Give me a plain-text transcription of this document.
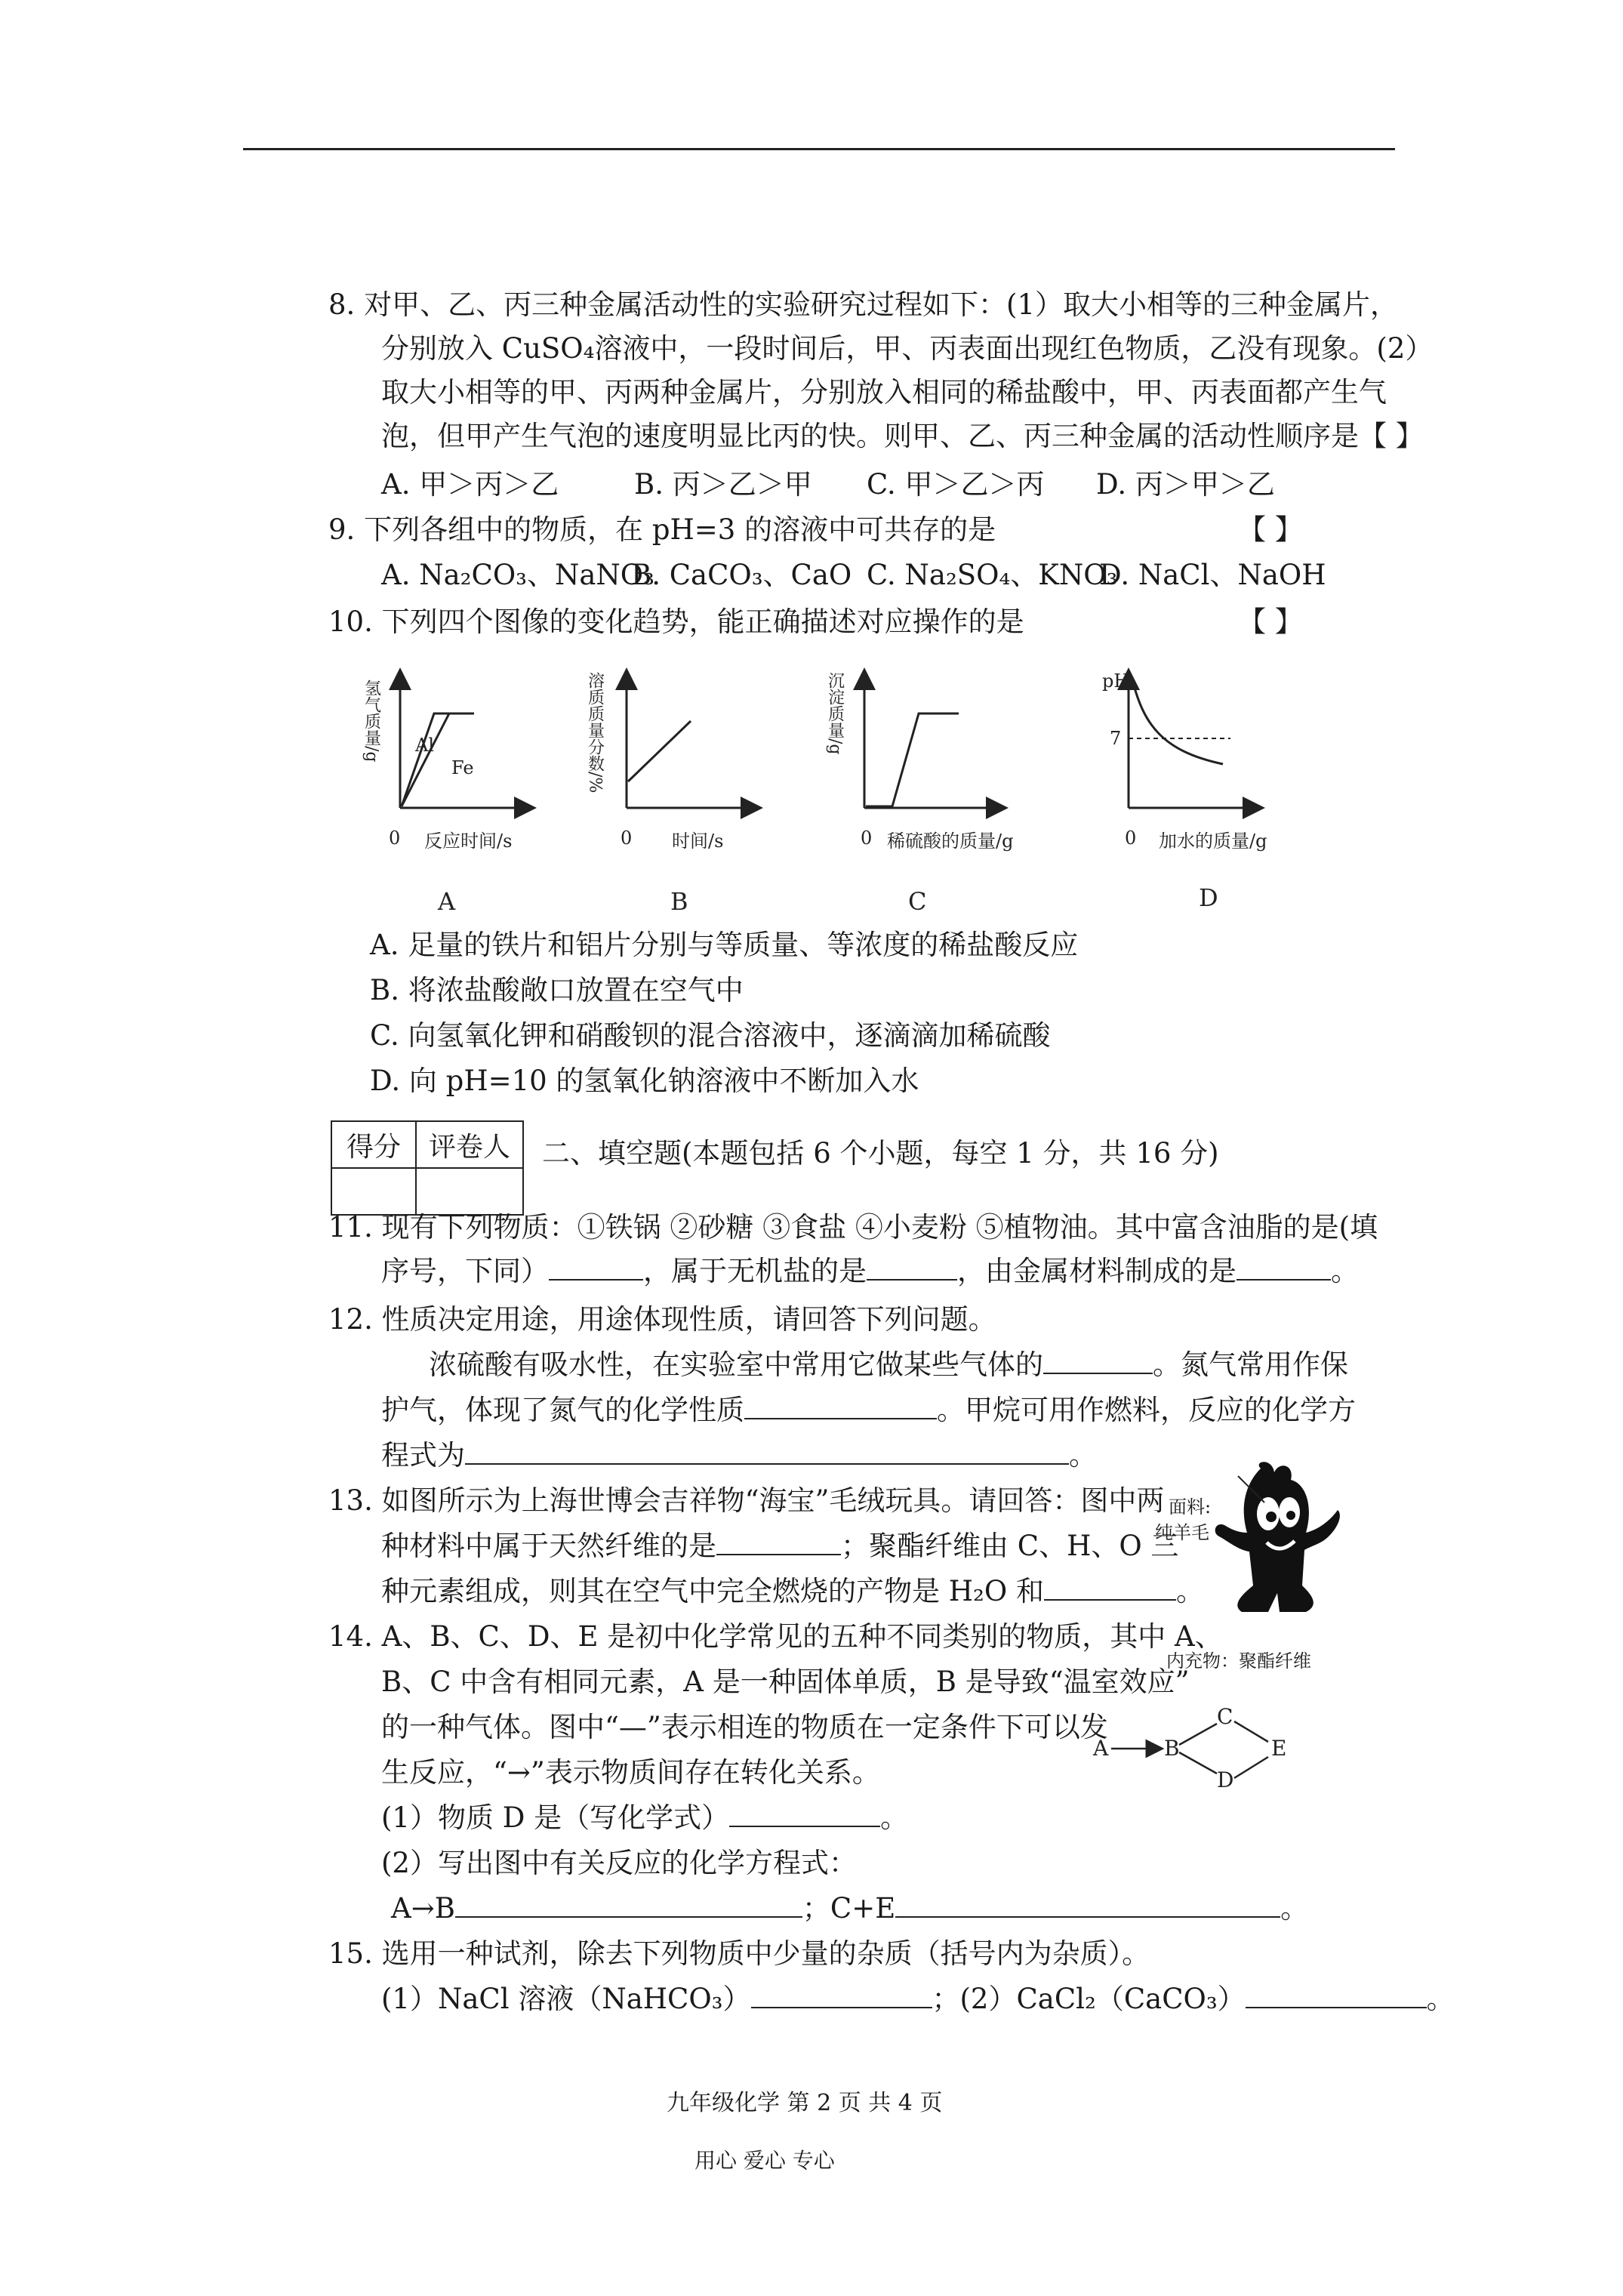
8. 对甲、乙、丙三种金属活动性的实验研究过程如下：(1）取大小相等的三种金属片，
分别放入 CuSO₄溶液中，一段时间后，甲、丙表面出现红色物质，乙没有现象。(2）
取大小相等的甲、丙两种金属片，分别放入相同的稀盐酸中，甲、丙表面都产生气
泡，但甲产生气泡的速度明显比丙的快。则甲、乙、丙三种金属的活动性顺序是【 】
A. 甲＞丙＞乙	B. 丙＞乙＞甲 C. 甲＞乙＞丙 D. 丙＞甲＞乙
9. 下列各组中的物质，在 pH=3 的溶液中可共存的是	【 】
A. Na₂CO₃、NaNO₃
B. CaCO₃、CaO C. Na₂SO₄、KNO₃
D. NaCl、NaOH
10. 下列四个图像的变化趋势，能正确描述对应操作的是	【 】
Al
Fe
氢气质量/g
0 反应时间/s
A
溶质质量分数/%
0 时间/s
B
沉淀质量/g
0 稀硫酸的质量/g
C
pH
7
0 加水的质量/g
D
A. 足量的铁片和铝片分别与等质量、等浓度的稀盐酸反应
B. 将浓盐酸敞口放置在空气中
C. 向氢氧化钾和硝酸钡的混合溶液中，逐滴滴加稀硫酸
D. 向 pH=10 的氢氧化钠溶液中不断加入水
得分	评卷人
	二、填空题(本题包括 6 个小题，每空 1 分，共 16 分)
11. 现有下列物质：①铁锅 ②砂糖 ③食盐 ④小麦粉 ⑤植物油。其中富含油脂的是(填
序号，下同）	，属于无机盐的是	，由金属材料制成的是	。
12. 性质决定用途，用途体现性质，请回答下列问题。
浓硫酸有吸水性，在实验室中常用它做某些气体的	。氮气常用作保
护气，体现了氮气的化学性质	。甲烷可用作燃料，反应的化学方
程式为	。
13. 如图所示为上海世博会吉祥物“海宝”毛绒玩具。请回答：图中两
种材料中属于天然纤维的是	；聚酯纤维由 C、H、O 三
种元素组成，则其在空气中完全燃烧的产物是 H₂O 和	。
面料:
纯羊毛
内充物：聚酯纤维
14. A、B、C、D、E 是初中化学常见的五种不同类别的物质，其中 A、
B、C 中含有相同元素，A 是一种固体单质，B 是导致“温室效应”
的一种气体。图中“—”表示相连的物质在一定条件下可以发
生反应，“→”表示物质间存在转化关系。
A	B
C
D
E
(1）物质 D 是（写化学式）	。
(2）写出图中有关反应的化学方程式：
A→B	；C+E	。
15. 选用一种试剂，除去下列物质中少量的杂质（括号内为杂质）。
(1）NaCl 溶液（NaHCO₃）	；(2）CaCl₂（CaCO₃）	。
九年级化学 第 2 页 共 4 页
用心 爱心 专心
